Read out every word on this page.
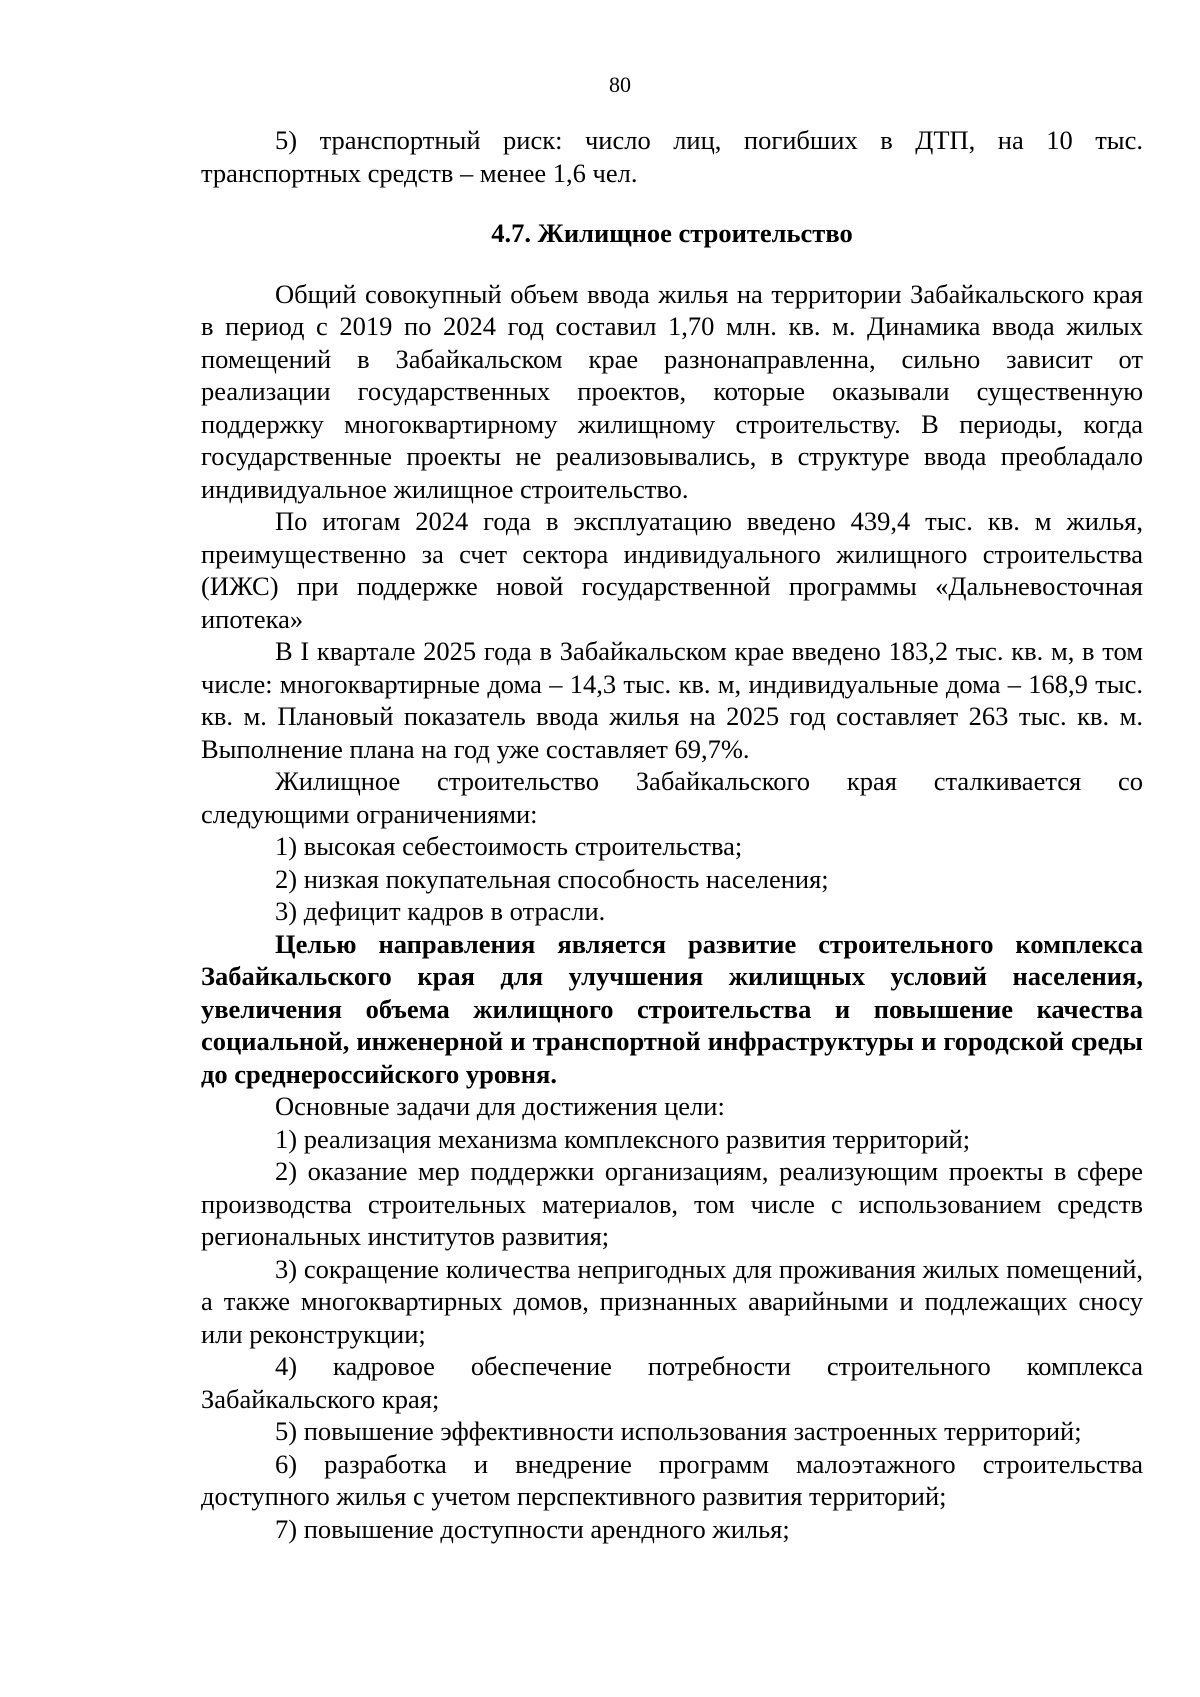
80

5) транспортный риск: число лиц, погибших в ДТП, на 10 тыс. транспортных средств – менее 1,6 чел.

4.7. Жилищное строительство

Общий совокупный объем ввода жилья на территории Забайкальского края в период с 2019 по 2024 год составил 1,70 млн. кв. м. Динамика ввода жилых помещений в Забайкальском крае разнонаправленна, сильно зависит от реализации государственных проектов, которые оказывали существенную поддержку многоквартирному жилищному строительству. В периоды, когда государственные проекты не реализовывались, в структуре ввода преобладало индивидуальное жилищное строительство.

По итогам 2024 года в эксплуатацию введено 439,4 тыс. кв. м жилья, преимущественно за счет сектора индивидуального жилищного строительства (ИЖС) при поддержке новой государственной программы «Дальневосточная ипотека»

В I квартале 2025 года в Забайкальском крае введено 183,2 тыс. кв. м, в том числе: многоквартирные дома – 14,3 тыс. кв. м, индивидуальные дома – 168,9 тыс. кв. м. Плановый показатель ввода жилья на 2025 год составляет 263 тыс. кв. м. Выполнение плана на год уже составляет 69,7%.

Жилищное строительство Забайкальского края сталкивается со следующими ограничениями:

1) высокая себестоимость строительства;

2) низкая покупательная способность населения;

3) дефицит кадров в отрасли.

Целью направления является развитие строительного комплекса Забайкальского края для улучшения жилищных условий населения, увеличения объема жилищного строительства и повышение качества социальной, инженерной и транспортной инфраструктуры и городской среды до среднероссийского уровня.

Основные задачи для достижения цели:

1) реализация механизма комплексного развития территорий;

2) оказание мер поддержки организациям, реализующим проекты в сфере производства строительных материалов, том числе с использованием средств региональных институтов развития;

3) сокращение количества непригодных для проживания жилых помещений, а также многоквартирных домов, признанных аварийными и подлежащих сносу или реконструкции;

4) кадровое обеспечение потребности строительного комплекса Забайкальского края;

5) повышение эффективности использования застроенных территорий;

6) разработка и внедрение программ малоэтажного строительства доступного жилья с учетом перспективного развития территорий;

7) повышение доступности арендного жилья;
